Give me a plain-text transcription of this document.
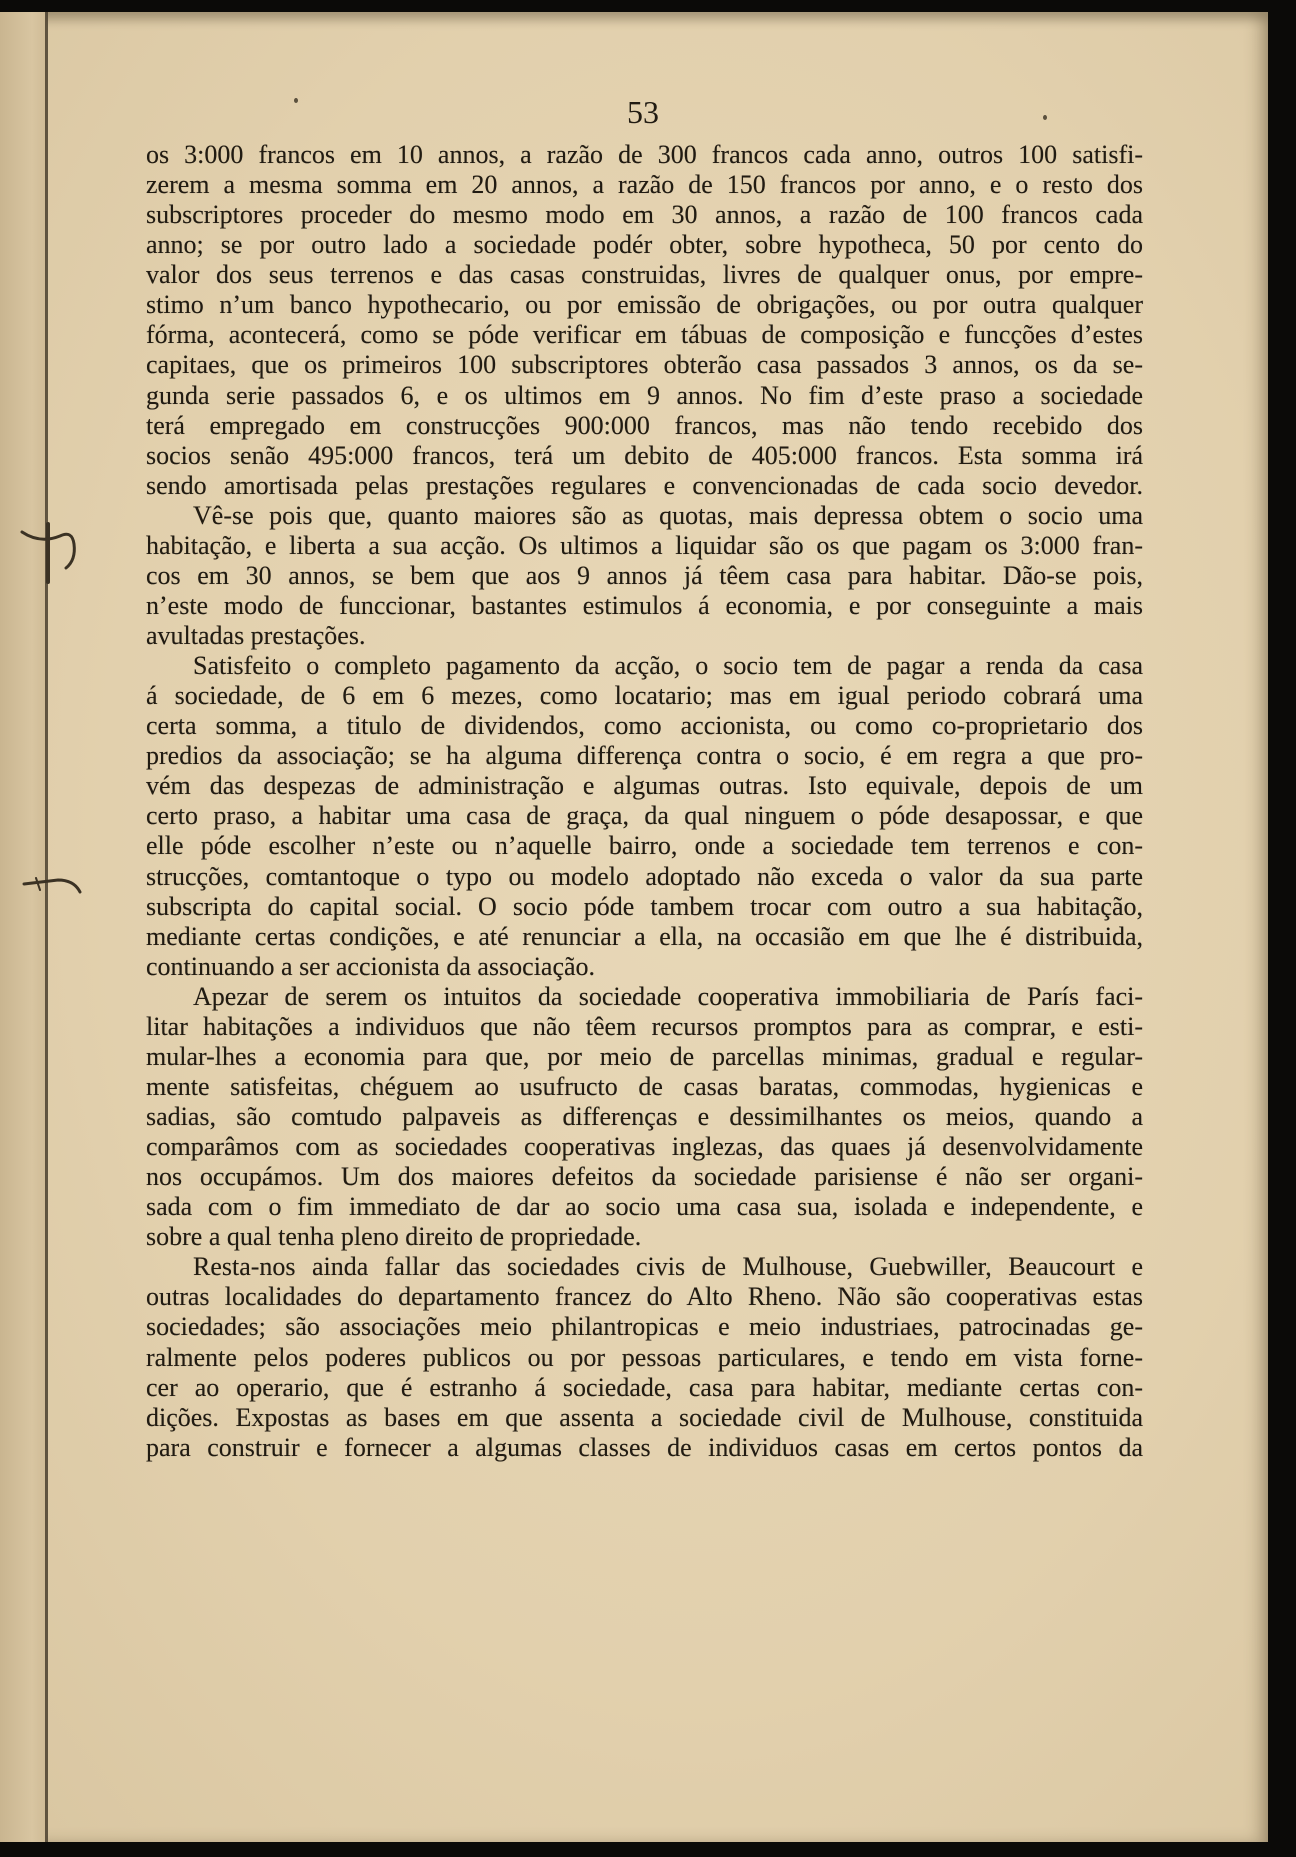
53
os 3:000 francos em 10 annos, a razão de 300 francos cada anno, outros 100 satisfi-
zerem a mesma somma em 20 annos, a razão de 150 francos por anno, e o resto dos
subscriptores proceder do mesmo modo em 30 annos, a razão de 100 francos cada
anno; se por outro lado a sociedade podér obter, sobre hypotheca, 50 por cento do
valor dos seus terrenos e das casas construidas, livres de qualquer onus, por empre-
stimo n’um banco hypothecario, ou por emissão de obrigações, ou por outra qualquer
fórma, acontecerá, como se póde verificar em tábuas de composição e funcções d’estes
capitaes, que os primeiros 100 subscriptores obterão casa passados 3 annos, os da se-
gunda serie passados 6, e os ultimos em 9 annos. No fim d’este praso a sociedade
terá empregado em construcções 900:000 francos, mas não tendo recebido dos
socios senão 495:000 francos, terá um debito de 405:000 francos. Esta somma irá
sendo amortisada pelas prestações regulares e convencionadas de cada socio devedor.
Vê-se pois que, quanto maiores são as quotas, mais depressa obtem o socio uma
habitação, e liberta a sua acção. Os ultimos a liquidar são os que pagam os 3:000 fran-
cos em 30 annos, se bem que aos 9 annos já têem casa para habitar. Dão-se pois,
n’este modo de funccionar, bastantes estimulos á economia, e por conseguinte a mais
avultadas prestações.
Satisfeito o completo pagamento da acção, o socio tem de pagar a renda da casa
á sociedade, de 6 em 6 mezes, como locatario; mas em igual periodo cobrará uma
certa somma, a titulo de dividendos, como accionista, ou como co-proprietario dos
predios da associação; se ha alguma differença contra o socio, é em regra a que pro-
vém das despezas de administração e algumas outras. Isto equivale, depois de um
certo praso, a habitar uma casa de graça, da qual ninguem o póde desapossar, e que
elle póde escolher n’este ou n’aquelle bairro, onde a sociedade tem terrenos e con-
strucções, comtantoque o typo ou modelo adoptado não exceda o valor da sua parte
subscripta do capital social. O socio póde tambem trocar com outro a sua habitação,
mediante certas condições, e até renunciar a ella, na occasião em que lhe é distribuida,
continuando a ser accionista da associação.
Apezar de serem os intuitos da sociedade cooperativa immobiliaria de París faci-
litar habitações a individuos que não têem recursos promptos para as comprar, e esti-
mular-lhes a economia para que, por meio de parcellas minimas, gradual e regular-
mente satisfeitas, chéguem ao usufructo de casas baratas, commodas, hygienicas e
sadias, são comtudo palpaveis as differenças e dessimilhantes os meios, quando a
comparâmos com as sociedades cooperativas inglezas, das quaes já desenvolvidamente
nos occupámos. Um dos maiores defeitos da sociedade parisiense é não ser organi-
sada com o fim immediato de dar ao socio uma casa sua, isolada e independente, e
sobre a qual tenha pleno direito de propriedade.
Resta-nos ainda fallar das sociedades civis de Mulhouse, Guebwiller, Beaucourt e
outras localidades do departamento francez do Alto Rheno. Não são cooperativas estas
sociedades; são associações meio philantropicas e meio industriaes, patrocinadas ge-
ralmente pelos poderes publicos ou por pessoas particulares, e tendo em vista forne-
cer ao operario, que é estranho á sociedade, casa para habitar, mediante certas con-
dições. Expostas as bases em que assenta a sociedade civil de Mulhouse, constituida
para construir e fornecer a algumas classes de individuos casas em certos pontos da
